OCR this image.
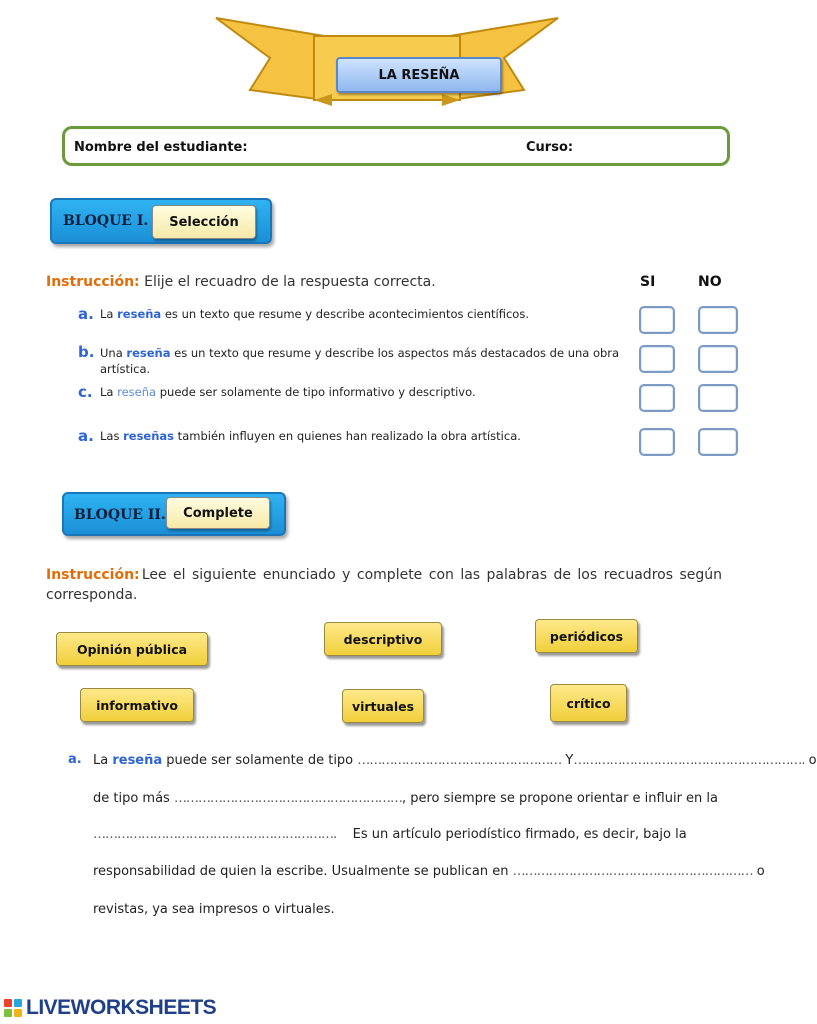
LA RESEÑA
Nombre del estudiante:	Curso:
BLOQUE I.	Selección
Instrucción: Elije el recuadro de la respuesta correcta.	SI	NO
a. La reseña es un texto que resume y describe acontecimientos científicos.
b. Una reseña es un texto que resume y describe los aspectos más destacados de una obra
artística.
c. La reseña puede ser solamente de tipo informativo y descriptivo.
a. Las reseñas también influyen en quienes han realizado la obra artística.
BLOQUE II.	Complete
Instrucción: Lee el siguiente enunciado y complete con las palabras de los recuadros según
corresponda.
Opinión pública
descriptivo	periódicos
informativo	virtuales	crítico
a. La reseña puede ser solamente de tipo …………………………………………… Y…………………………………………………. o
de tipo más …………………………………………………, pero siempre se propone orientar e influir en la
…………………………………………………….    Es un artículo periodístico firmado, es decir, bajo la
responsabilidad de quien la escribe. Usualmente se publican en …………………………………………………… o
revistas, ya sea impresos o virtuales.
LIVEWORKSHEETS
